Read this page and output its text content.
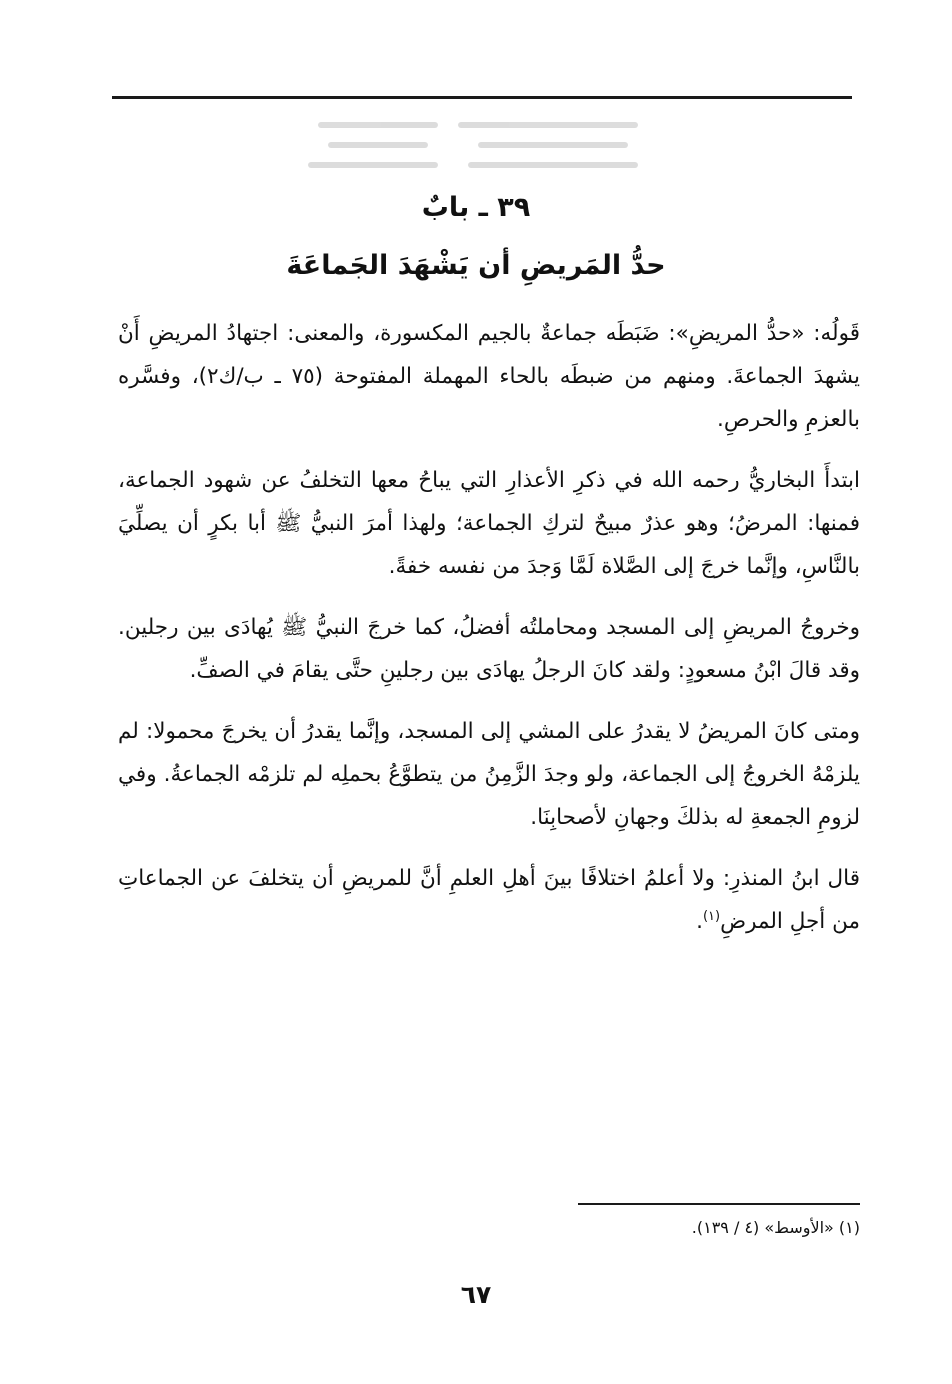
٣٩ ـ بابٌ
حدُّ المَريضِ أن يَشْهَدَ الجَماعَةَ

قَولُه: «حدُّ المريضِ»: ضَبَطَه جماعةٌ بالجيم المكسورة، والمعنى: اجتهادُ المريضِ أَنْ يشهدَ الجماعةَ. ومنهم من ضبطَه بالحاء المهملة المفتوحة (٧٥ ـ ب/ك٢)، وفسَّره بالعزمِ والحرصِ.

ابتدأَ البخاريُّ رحمه الله في ذكرِ الأعذارِ التي يباحُ معها التخلفُ عن شهود الجماعة، فمنها: المرضُ؛ وهو عذرٌ مبيحٌ لتركِ الجماعة؛ ولهذا أمرَ النبيُّ ﷺ أبا بكرٍ أن يصلِّيَ بالنَّاسِ، وإنَّما خرجَ إلى الصَّلاة لَمَّا وَجدَ من نفسه خفةً.

وخروجُ المريضِ إلى المسجد ومحاملتُه أفضلُ، كما خرجَ النبيُّ ﷺ يُهادَى بين رجلين. وقد قالَ ابْنُ مسعودٍ: ولقد كانَ الرجلُ يهادَى بين رجلينِ حتَّى يقامَ في الصفِّ.

ومتى كانَ المريضُ لا يقدرُ على المشي إلى المسجد، وإنَّما يقدرُ أن يخرجَ محمولا: لم يلزمْهُ الخروجُ إلى الجماعة، ولو وجدَ الزَّمِنُ من يتطوَّعُ بحملِه لم تلزمْه الجماعةُ. وفي لزومِ الجمعةِ له بذلكَ وجهانِ لأصحابِنَا.

قال ابنُ المنذرِ: ولا أعلمُ اختلافًا بينَ أهلِ العلمِ أنَّ للمريضِ أن يتخلفَ عن الجماعاتِ من أجلِ المرضِ$^{(١)}$.

(١) «الأوسط» (٤ / ١٣٩).
٦٧
